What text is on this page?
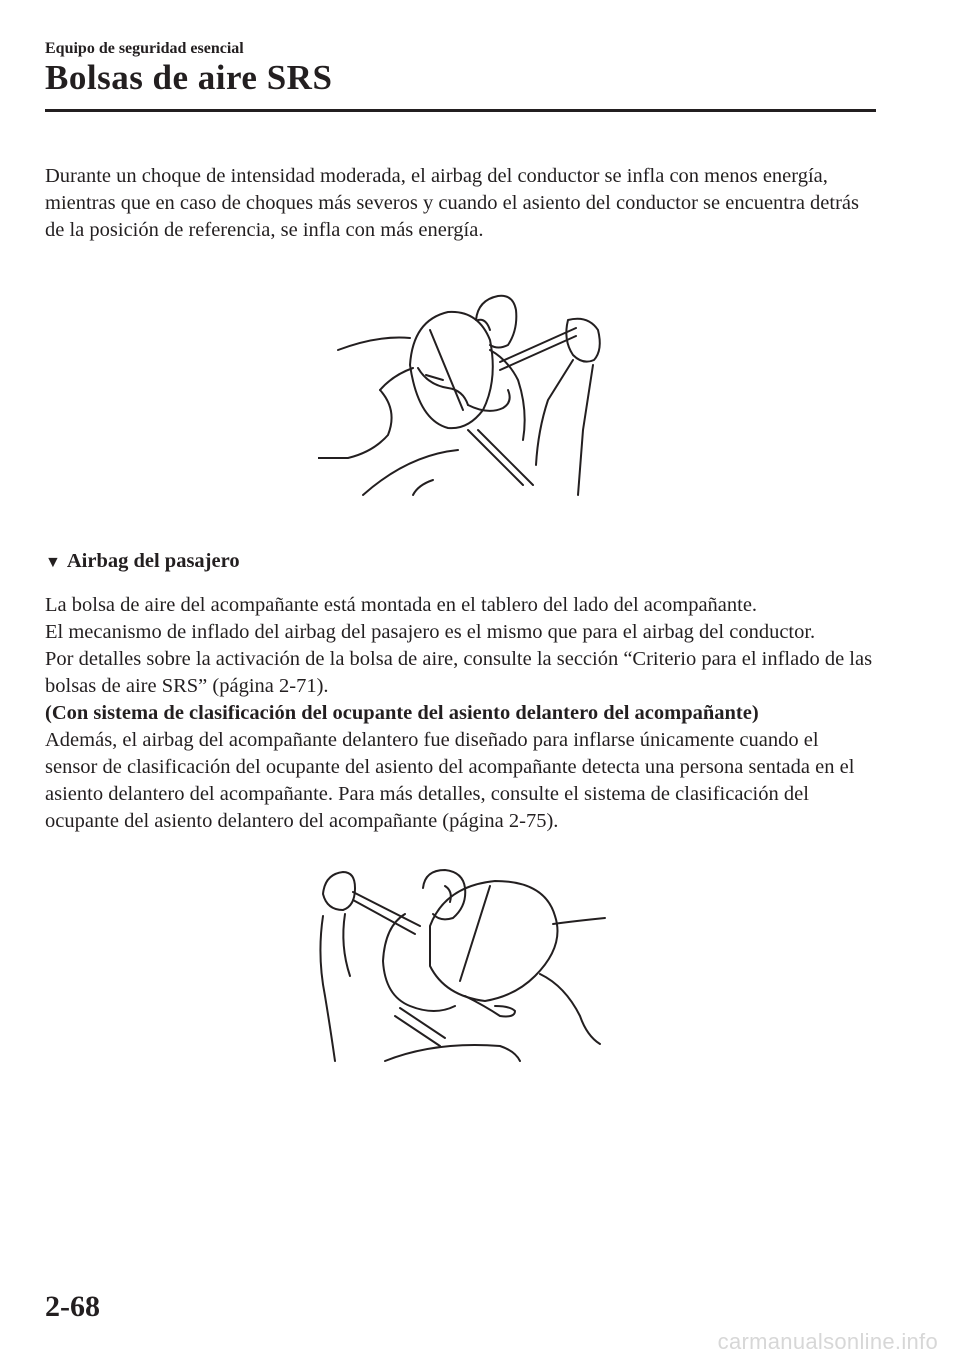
Equipo de seguridad esencial
Bolsas de aire SRS

Durante un choque de intensidad moderada, el airbag del conductor se infla con menos energía, mientras que en caso de choques más severos y cuando el asiento del conductor se encuentra detrás de la posición de referencia, se infla con más energía.

▼ Airbag del pasajero

La bolsa de aire del acompañante está montada en el tablero del lado del acompañante.

El mecanismo de inflado del airbag del pasajero es el mismo que para el airbag del conductor.

Por detalles sobre la activación de la bolsa de aire, consulte la sección “Criterio para el inflado de las bolsas de aire SRS” (página 2-71).

(Con sistema de clasificación del ocupante del asiento delantero del acompañante)

Además, el airbag del acompañante delantero fue diseñado para inflarse únicamente cuando el sensor de clasificación del ocupante del asiento del acompañante detecta una persona sentada en el asiento delantero del acompañante. Para más detalles, consulte el sistema de clasificación del ocupante del asiento delantero del acompañante (página 2-75).

2-68
carmanualsonline.info
